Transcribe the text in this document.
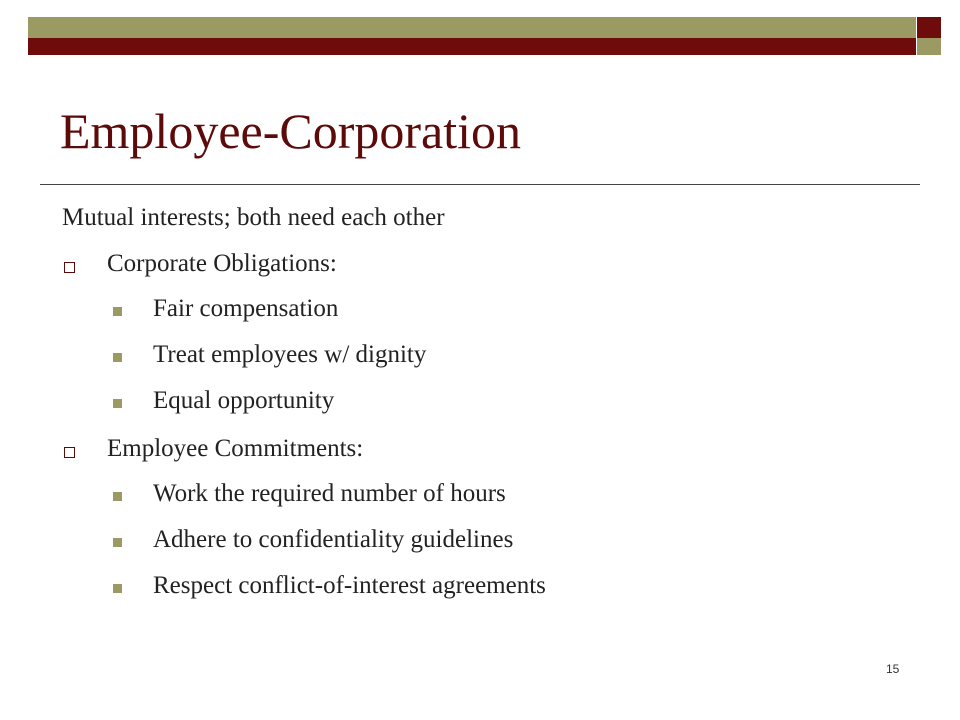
Employee-Corporation
Mutual interests; both need each other
Corporate Obligations:
Fair compensation
Treat employees w/ dignity
Equal opportunity
Employee Commitments:
Work the required number of hours
Adhere to confidentiality guidelines
Respect conflict-of-interest agreements
15
